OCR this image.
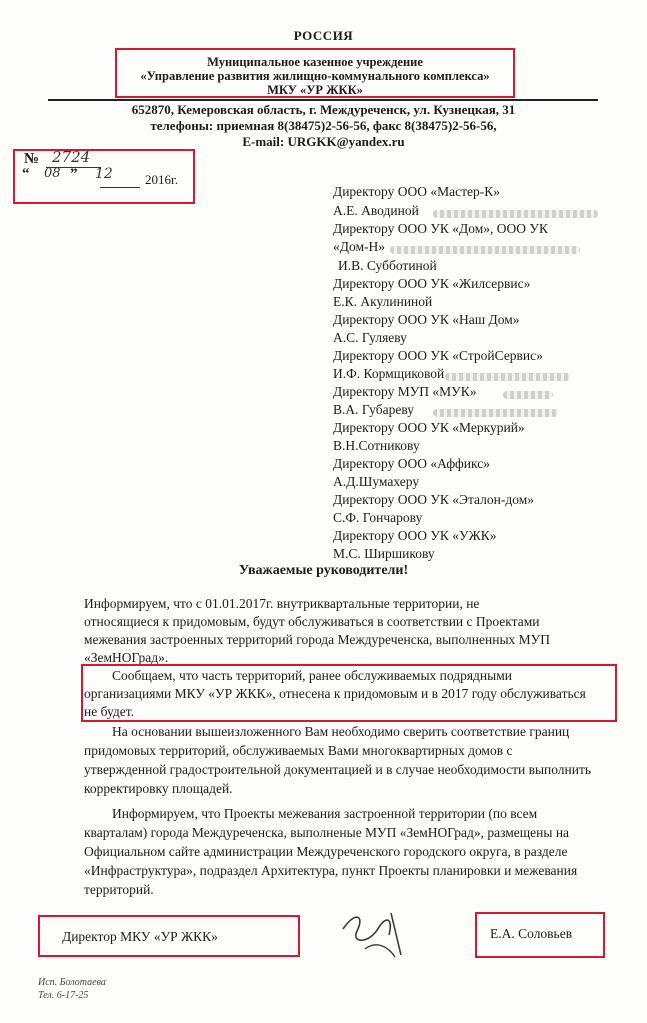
РОССИЯ
Муниципальное казенное учреждение
«Управление развития жилищно-коммунального комплекса»
МКУ «УР ЖКК»
652870, Кемеровская область, г. Междуреченск, ул. Кузнецкая, 31
телефоны: приемная 8(38475)2-56-56, факс 8(38475)2-56-56,
E-mail: URGKK@yandex.ru
№ 2724
“ 08 ” 12 2016г.
Директору ООО «Мастер-К»
А.Е. Аводиной
Директору ООО УК «Дом», ООО УК
«Дом-Н»
И.В. Субботиной
Директору ООО УК «Жилсервис»
Е.К. Акулининой
Директору ООО УК «Наш Дом»
А.С. Гуляеву
Директору ООО УК «СтройСервис»
И.Ф. Кормщиковой
Директору МУП «МУК»
В.А. Губареву
Директору ООО УК «Меркурий»
В.Н.Сотникову
Директору ООО «Аффикс»
А.Д.Шумахеру
Директору ООО УК «Эталон-дом»
С.Ф. Гончарову
Директору ООО УК «УЖК»
М.С. Ширшикову
Уважаемые руководители!
Информируем, что с 01.01.2017г. внутриквартальные территории, не
относящиеся к придомовым, будут обслуживаться в соответствии с Проектами
межевания застроенных территорий города Междуреченска, выполненных МУП
«ЗемНОГрад».
Сообщаем, что часть территорий, ранее обслуживаемых подрядными
организациями МКУ «УР ЖКК», отнесена к придомовым и в 2017 году обслуживаться
не будет.
На основании вышеизложенного Вам необходимо сверить соответствие границ
придомовых территорий, обслуживаемых Вами многоквартирных домов с
утвержденной градостроительной документацией и в случае необходимости выполнить
корректировку площадей.
Информируем, что Проекты межевания застроенной территории (по всем
кварталам) города Междуреченска, выполненые МУП «ЗемНОГрад», размещены на
Официальном сайте администрации Междуреченского городского округа, в разделе
«Инфраструктура», подраздел Архитектура, пункт Проекты планировки и межевания
территорий.
Директор МКУ «УР ЖКК»	Е.А. Соловьев
Исп. Болотаева
Тел. 6-17-25
